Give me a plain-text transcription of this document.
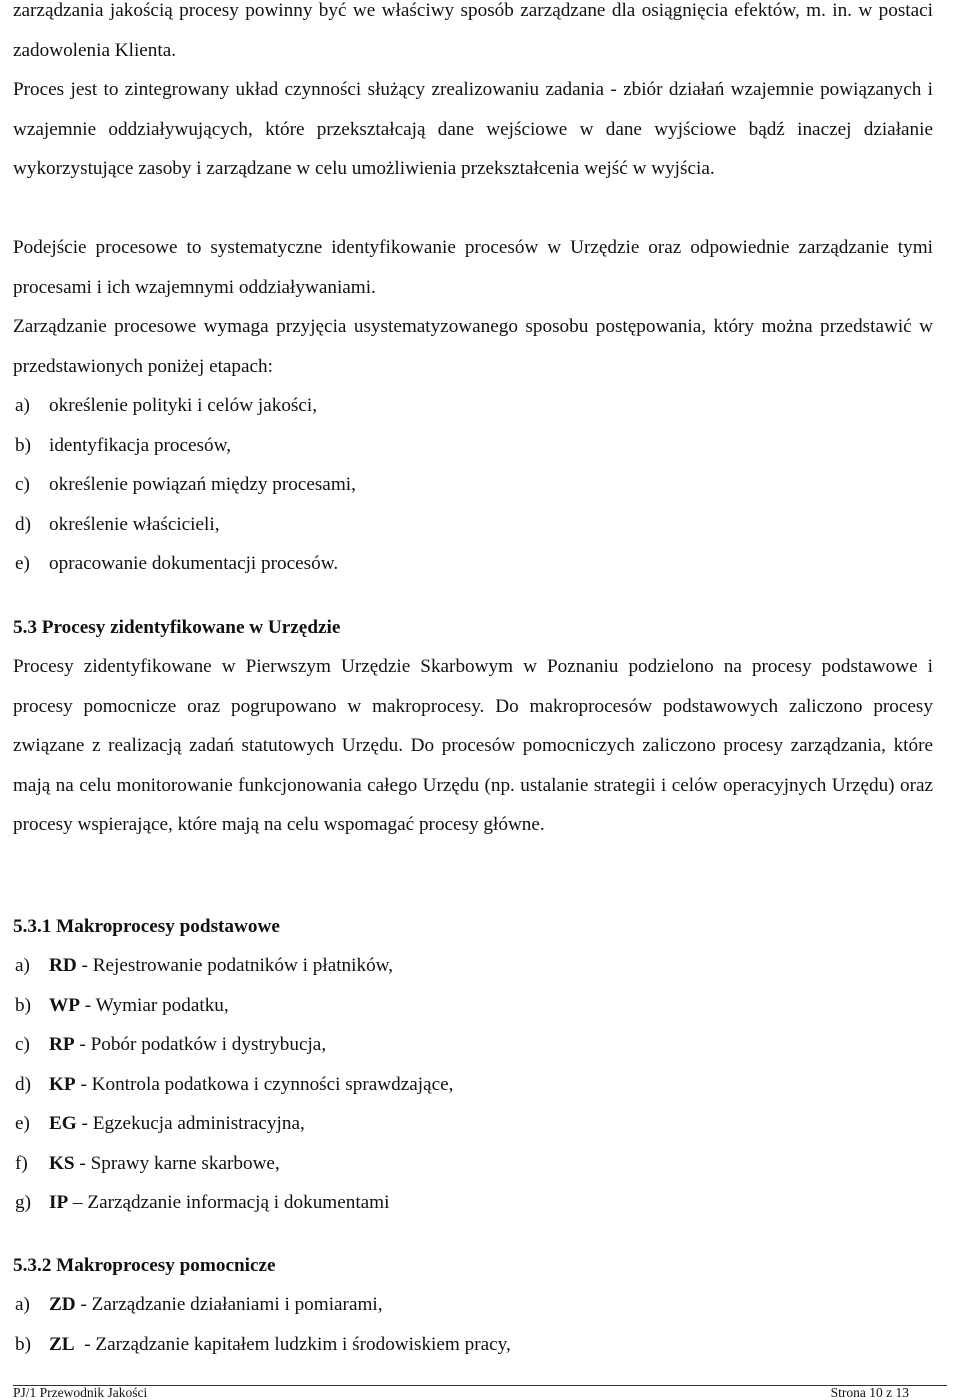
zarządzania jakością procesy powinny być we właściwy sposób zarządzane dla osiągnięcia efektów, m. in. w postaci zadowolenia Klienta.

Proces jest to zintegrowany układ czynności służący zrealizowaniu zadania - zbiór działań wzajemnie powiązanych i wzajemnie oddziaływujących, które przekształcają dane wejściowe w dane wyjściowe bądź inaczej działanie wykorzystujące zasoby i zarządzane w celu umożliwienia przekształcenia wejść w wyjścia.

Podejście procesowe to systematyczne identyfikowanie procesów w Urzędzie oraz odpowiednie zarządzanie tymi procesami i ich wzajemnymi oddziaływaniami.

Zarządzanie procesowe wymaga przyjęcia usystematyzowanego sposobu postępowania, który można przedstawić w przedstawionych poniżej etapach:

a) określenie polityki i celów jakości,
b) identyfikacja procesów,
c) określenie powiązań między procesami,
d) określenie właścicieli,
e) opracowanie dokumentacji procesów.
5.3 Procesy zidentyfikowane w Urzędzie

Procesy zidentyfikowane w Pierwszym Urzędzie Skarbowym w Poznaniu podzielono na procesy podstawowe i procesy pomocnicze oraz pogrupowano w makroprocesy. Do makroprocesów podstawowych zaliczono procesy związane z realizacją zadań statutowych Urzędu. Do procesów pomocniczych zaliczono procesy zarządzania, które mają na celu monitorowanie funkcjonowania całego Urzędu (np. ustalanie strategii i celów operacyjnych Urzędu) oraz procesy wspierające, które mają na celu wspomagać procesy główne.

5.3.1 Makroprocesy podstawowe
a) RD - Rejestrowanie podatników i płatników,
b) WP - Wymiar podatku,
c) RP - Pobór podatków i dystrybucja,
d) KP - Kontrola podatkowa i czynności sprawdzające,
e) EG - Egzekucja administracyjna,
f) KS - Sprawy karne skarbowe,
g) IP – Zarządzanie informacją i dokumentami
5.3.2 Makroprocesy pomocnicze
a) ZD - Zarządzanie działaniami i pomiarami,
b) ZL  - Zarządzanie kapitałem ludzkim i środowiskiem pracy,
PJ/1 Przewodnik Jakości	Strona 10 z 13
